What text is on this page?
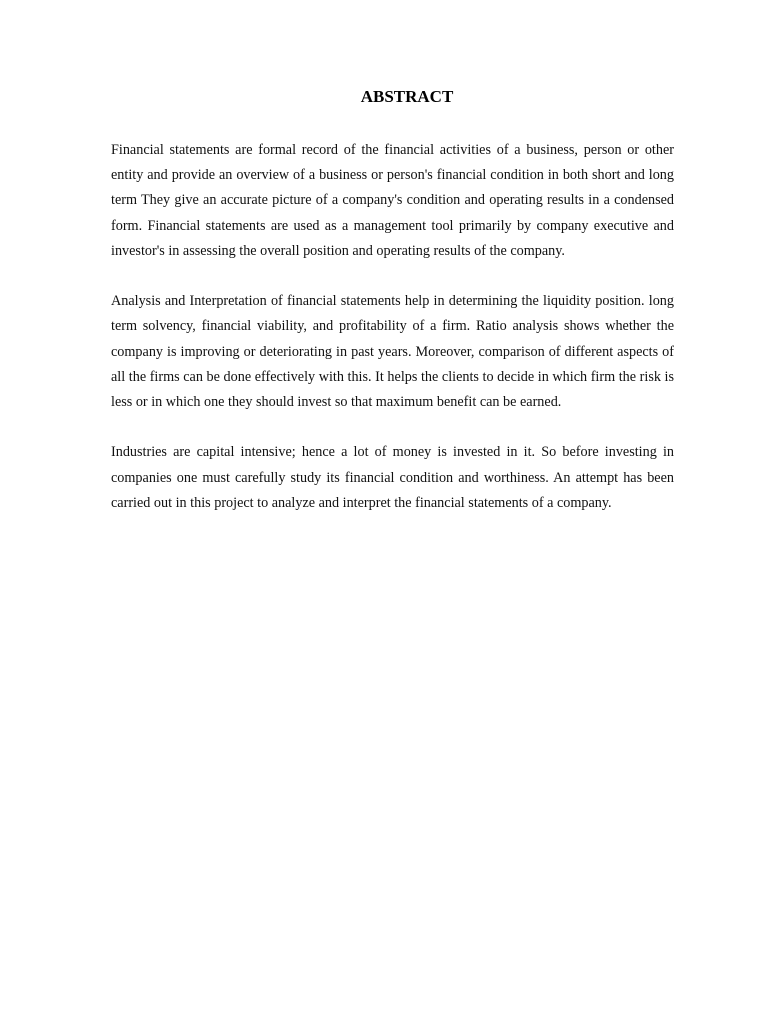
ABSTRACT

Financial statements are formal record of the financial activities of a business, person or other entity and provide an overview of a business or person's financial condition in both short and long term They give an accurate picture of a company's condition and operating results in a condensed form. Financial statements are used as a management tool primarily by company executive and investor's in assessing the overall position and operating results of the company.

Analysis and Interpretation of financial statements help in determining the liquidity position. long term solvency, financial viability, and profitability of a firm. Ratio analysis shows whether the company is improving or deteriorating in past years. Moreover, comparison of different aspects of all the firms can be done effectively with this. It helps the clients to decide in which firm the risk is less or in which one they should invest so that maximum benefit can be earned.

Industries are capital intensive; hence a lot of money is invested in it. So before investing in companies one must carefully study its financial condition and worthiness. An attempt has been carried out in this project to analyze and interpret the financial statements of a company.
